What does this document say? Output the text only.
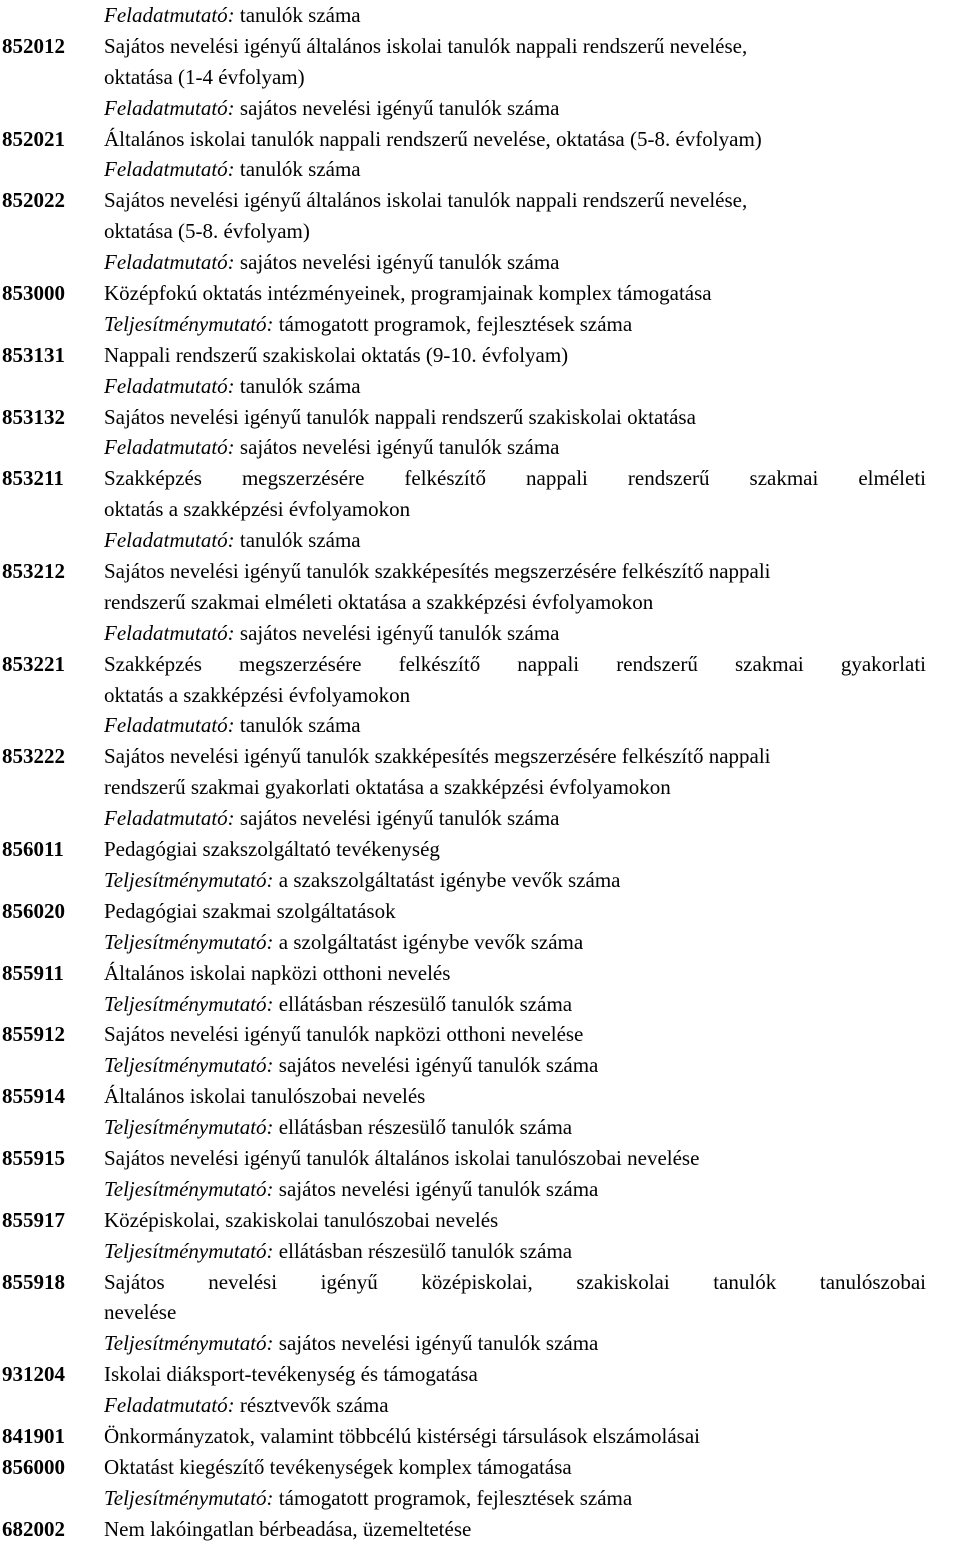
Feladatmutató: tanulók száma
852012 Sajátos nevelési igényű általános iskolai tanulók nappali rendszerű nevelése,
oktatása (1-4 évfolyam)
Feladatmutató: sajátos nevelési igényű tanulók száma
852021 Általános iskolai tanulók nappali rendszerű nevelése, oktatása (5-8. évfolyam)
Feladatmutató: tanulók száma
852022 Sajátos nevelési igényű általános iskolai tanulók nappali rendszerű nevelése,
oktatása (5-8. évfolyam)
Feladatmutató: sajátos nevelési igényű tanulók száma
853000 Középfokú oktatás intézményeinek, programjainak komplex támogatása
Teljesítménymutató: támogatott programok, fejlesztések száma
853131 Nappali rendszerű szakiskolai oktatás (9-10. évfolyam)
Feladatmutató: tanulók száma
853132 Sajátos nevelési igényű tanulók nappali rendszerű szakiskolai oktatása
Feladatmutató: sajátos nevelési igényű tanulók száma
853211 Szakképzés megszerzésére felkészítő nappali rendszerű szakmai elméleti
oktatás a szakképzési évfolyamokon
Feladatmutató: tanulók száma
853212 Sajátos nevelési igényű tanulók szakképesítés megszerzésére felkészítő nappali
rendszerű szakmai elméleti oktatása a szakképzési évfolyamokon
Feladatmutató: sajátos nevelési igényű tanulók száma
853221 Szakképzés megszerzésére felkészítő nappali rendszerű szakmai gyakorlati
oktatás a szakképzési évfolyamokon
Feladatmutató: tanulók száma
853222 Sajátos nevelési igényű tanulók szakképesítés megszerzésére felkészítő nappali
rendszerű szakmai gyakorlati oktatása a szakképzési évfolyamokon
Feladatmutató: sajátos nevelési igényű tanulók száma
856011 Pedagógiai szakszolgáltató tevékenység
Teljesítménymutató: a szakszolgáltatást igénybe vevők száma
856020 Pedagógiai szakmai szolgáltatások
Teljesítménymutató: a szolgáltatást igénybe vevők száma
855911 Általános iskolai napközi otthoni nevelés
Teljesítménymutató: ellátásban részesülő tanulók száma
855912 Sajátos nevelési igényű tanulók napközi otthoni nevelése
Teljesítménymutató: sajátos nevelési igényű tanulók száma
855914 Általános iskolai tanulószobai nevelés
Teljesítménymutató: ellátásban részesülő tanulók száma
855915 Sajátos nevelési igényű tanulók általános iskolai tanulószobai nevelése
Teljesítménymutató: sajátos nevelési igényű tanulók száma
855917 Középiskolai, szakiskolai tanulószobai nevelés
Teljesítménymutató: ellátásban részesülő tanulók száma
855918 Sajátos nevelési igényű középiskolai, szakiskolai tanulók tanulószobai
nevelése
Teljesítménymutató: sajátos nevelési igényű tanulók száma
931204 Iskolai diáksport-tevékenység és támogatása
Feladatmutató: résztvevők száma
841901 Önkormányzatok, valamint többcélú kistérségi társulások elszámolásai
856000 Oktatást kiegészítő tevékenységek komplex támogatása
Teljesítménymutató: támogatott programok, fejlesztések száma
682002 Nem lakóingatlan bérbeadása, üzemeltetése
